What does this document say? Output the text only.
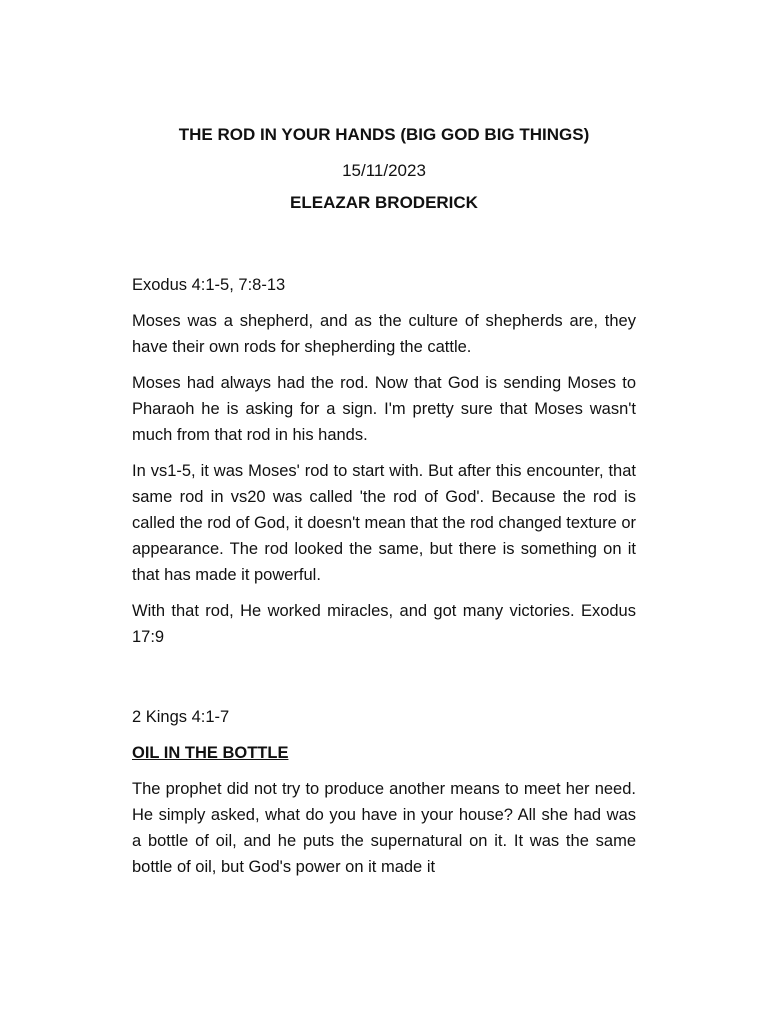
THE ROD IN YOUR HANDS (BIG GOD BIG THINGS)
15/11/2023
ELEAZAR BRODERICK
Exodus 4:1-5, 7:8-13

Moses was a shepherd, and as the culture of shepherds are, they have their own rods for shepherding the cattle.

Moses had always had the rod. Now that God is sending Moses to Pharaoh he is asking for a sign. I'm pretty sure that Moses wasn't much from that rod in his hands.

In vs1-5, it was Moses' rod to start with. But after this encounter, that same rod in vs20 was called 'the rod of God'. Because the rod is called the rod of God, it doesn't mean that the rod changed texture or appearance. The rod looked the same, but there is something on it that has made it powerful.

With that rod, He worked miracles, and got many victories. Exodus 17:9

2 Kings 4:1-7
OIL IN THE BOTTLE

The prophet did not try to produce another means to meet her need. He simply asked, what do you have in your house? All she had was a bottle of oil, and he puts the supernatural on it. It was the same bottle of oil, but God's power on it made it
